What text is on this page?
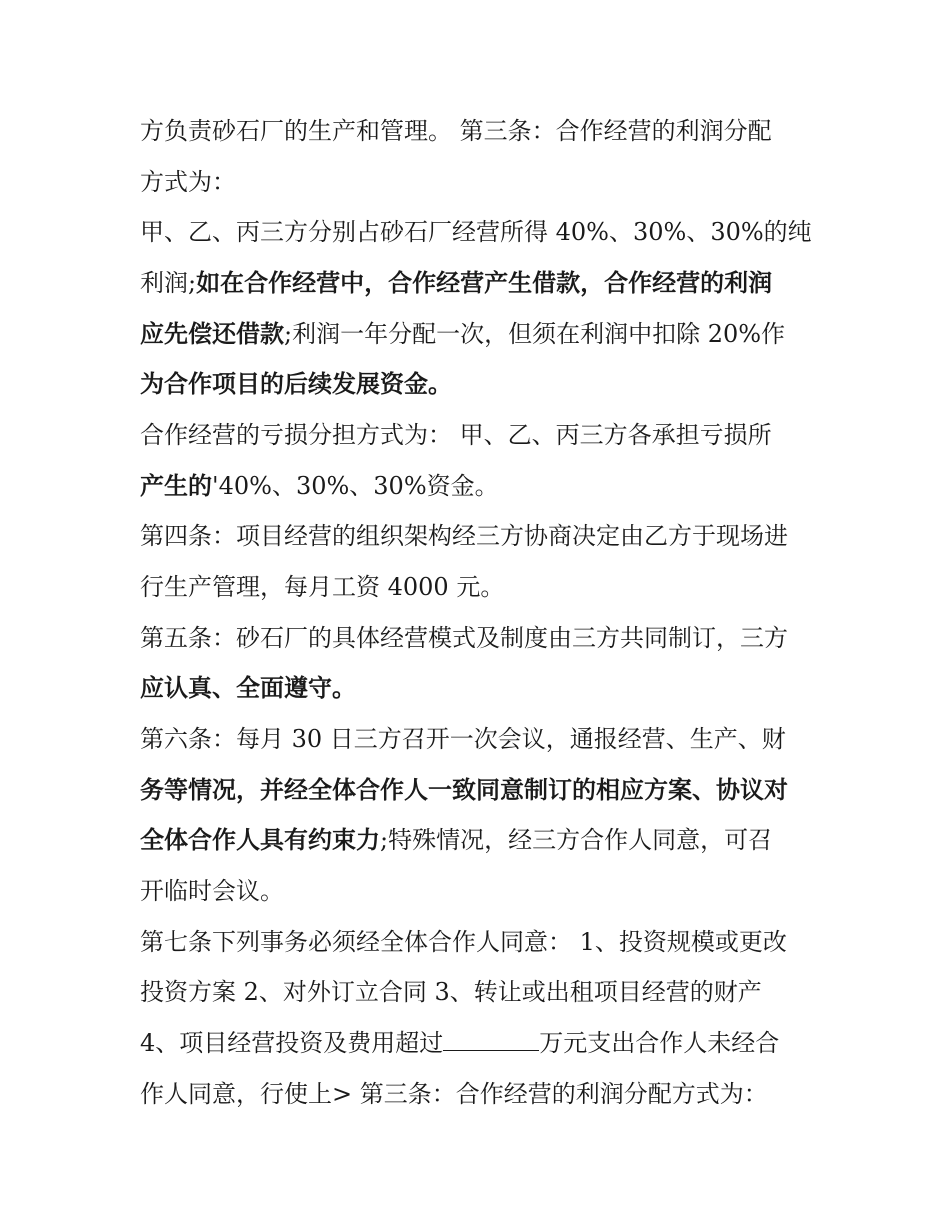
方负责砂石厂的生产和管理。 第三条：合作经营的利润分配
方式为：
甲、乙、丙三方分别占砂石厂经营所得 40%、30%、30%的纯
利润;如在合作经营中，合作经营产生借款，合作经营的利润
应先偿还借款;利润一年分配一次，但须在利润中扣除 20%作
为合作项目的后续发展资金。
合作经营的亏损分担方式为： 甲、乙、丙三方各承担亏损所
产生的'40%、30%、30%资金。
第四条：项目经营的组织架构经三方协商决定由乙方于现场进
行生产管理，每月工资 4000 元。
第五条：砂石厂的具体经营模式及制度由三方共同制订，三方
应认真、全面遵守。
第六条：每月 30 日三方召开一次会议，通报经营、生产、财
务等情况，并经全体合作人一致同意制订的相应方案、协议对
全体合作人具有约束力;特殊情况，经三方合作人同意，可召
开临时会议。
第七条下列事务必须经全体合作人同意： 1、投资规模或更改
投资方案 2、对外订立合同 3、转让或出租项目经营的财产
4、项目经营投资及费用超过	万元支出合作人未经合
作人同意，行使上> 第三条：合作经营的利润分配方式为：
